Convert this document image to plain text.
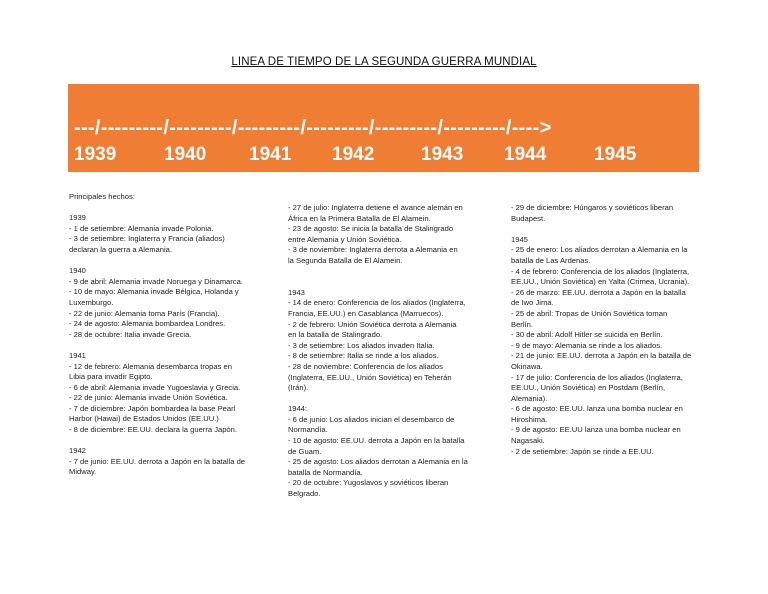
LINEA DE TIEMPO DE LA SEGUNDA GUERRA MUNDIAL
---/---------/---------/---------/---------/---------/---------/---->
1939	1940 1941 1942 1943 1944	1945

Principales hechos:

1939

- 1 de setiembre: Alemania invade Polonia.

- 3 de setiembre: Inglaterra y Francia (aliados)

declaran la guerra a Alemania.

1940

- 9 de abril: Alemania invade Noruega y Dinamarca.

- 10 de mayo: Alemania invade Bélgica, Holanda y

Luxemburgo.

- 22 de junio: Alemania toma París (Francia).

- 24 de agosto: Alemania bombardea Londres.

- 28 de octubre: Italia invade Grecia.

1941

- 12 de febrero: Alemania desembarca tropas en

Libia para invadir Egipto.

- 6 de abril: Alemania invade Yugoeslavia y Grecia.

- 22 de junio: Alemania invade Unión Soviética.

- 7 de diciembre: Japón bombardea la base Pearl

Harbor (Hawai) de Estados Unidos (EE.UU.)

- 8 de diciembre: EE.UU. declara la guerra Japón.

1942

- 7 de junio: EE.UU. derrota a Japón en la batalla de

Midway.

- 27 de julio: Inglaterra detiene el avance alemán en

África en la Primera Batalla de El Alamein.

- 23 de agosto: Se inicia la batalla de Stalingrado

entre Alemania y Unión Soviética.

- 3 de noviembre: Inglaterra derrota a Alemania en

la Segunda Batalla de El Alamein.

1943

- 14 de enero: Conferencia de los aliados (Inglaterra,

Francia, EE.UU.) en Casablanca (Marruecos).

- 2 de febrero: Unión Soviética derrota a Alemania

en la batalla de Stalingrado.

- 3 de setiembre: Los aliados invaden Italia.

- 8 de setiembre: Italia se rinde a los aliados.

- 28 de noviembre: Conferencia de los aliados

(Inglaterra, EE.UU., Unión Soviética) en Teherán

(Irán).

1944:

- 6 de junio: Los aliados inician el desembarco de

Normandía.

- 10 de agosto: EE.UU. derrota a Japón en la batalla

de Guam.

- 25 de agosto: Los aliados derrotan a Alemania en la

batalla de Normandía.

- 20 de octubre: Yugoslavos y soviéticos liberan

Belgrado.

- 29 de diciembre: Húngaros y soviéticos liberan

Budapest.

1945

- 25 de enero: Los aliados derrotan a Alemania en la

batalla de Las Ardenas.

- 4 de febrero: Conferencia de los aliados (Inglaterra,

EE.UU., Unión Soviética) en Yalta (Crimea, Ucrania).

- 26 de marzo: EE.UU. derrota a Japón en la batalla

de Iwo Jima.

- 25 de abril: Tropas de Unión Soviética toman

Berlín.

- 30 de abril: Adolf Hitler se suicida en Berlín.

- 9 de mayo: Alemania se rinde a los aliados.

- 21 de junio: EE.UU. derrota a Japón en la batalla de

Okinawa.

- 17 de julio: Conferencia de los aliados (Inglaterra,

EE.UU., Unión Soviética) en Postdam (Berlín,

Alemania).

- 6 de agosto: EE.UU. lanza una bomba nuclear en

Hiroshima.

- 9 de agosto: EE.UU lanza una bomba nuclear en

Nagasaki.

- 2 de setiembre: Japón se rinde a EE.UU.
